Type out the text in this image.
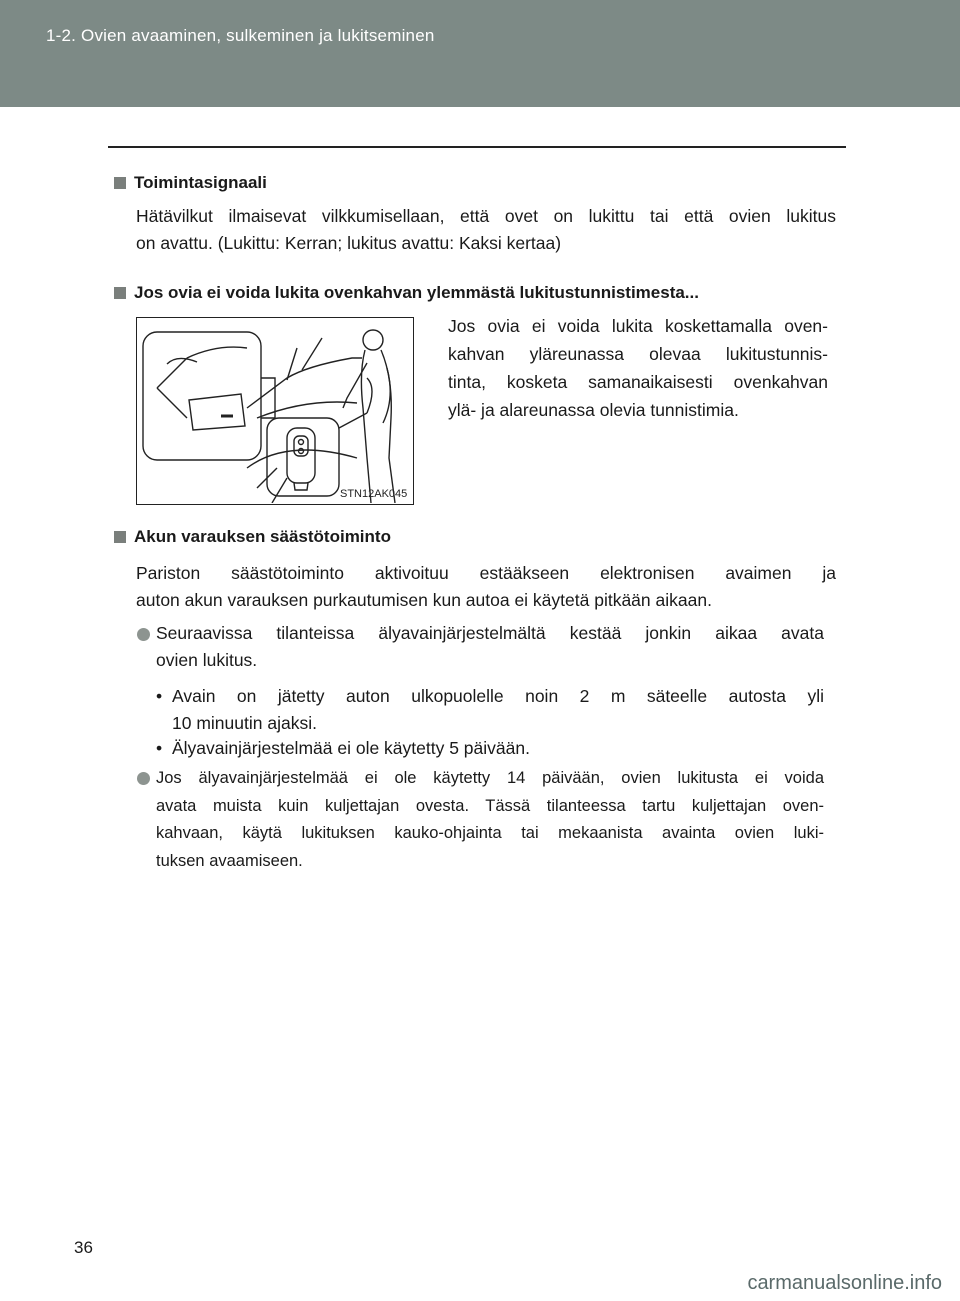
1-2. Ovien avaaminen, sulkeminen ja lukitseminen
Toimintasignaali
Hätävilkut ilmaisevat vilkkumisellaan, että ovet on lukittu tai että ovien lukitus
on avattu. (Lukittu: Kerran; lukitus avattu: Kaksi kertaa)
Jos ovia ei voida lukita ovenkahvan ylemmästä lukitustunnistimesta...
STN12AK045
Jos ovia ei voida lukita koskettamalla oven-
kahvan yläreunassa olevaa lukitustunnis-
tinta, kosketa samanaikaisesti ovenkahvan
ylä- ja alareunassa olevia tunnistimia.
Akun varauksen säästötoiminto
Pariston säästötoiminto aktivoituu estääkseen elektronisen avaimen ja
auton akun varauksen purkautumisen kun autoa ei käytetä pitkään aikaan.
Seuraavissa tilanteissa älyavainjärjestelmältä kestää jonkin aikaa avata
ovien lukitus.
• Avain on jätetty auton ulkopuolelle noin 2 m säteelle autosta yli
10 minuutin ajaksi.
• Älyavainjärjestelmää ei ole käytetty 5 päivään.
Jos älyavainjärjestelmää ei ole käytetty 14 päivään, ovien lukitusta ei voida
avata muista kuin kuljettajan ovesta. Tässä tilanteessa tartu kuljettajan oven-
kahvaan, käytä lukituksen kauko-ohjainta tai mekaanista avainta ovien luki-
tuksen avaamiseen.
36
carmanualsonline.info
